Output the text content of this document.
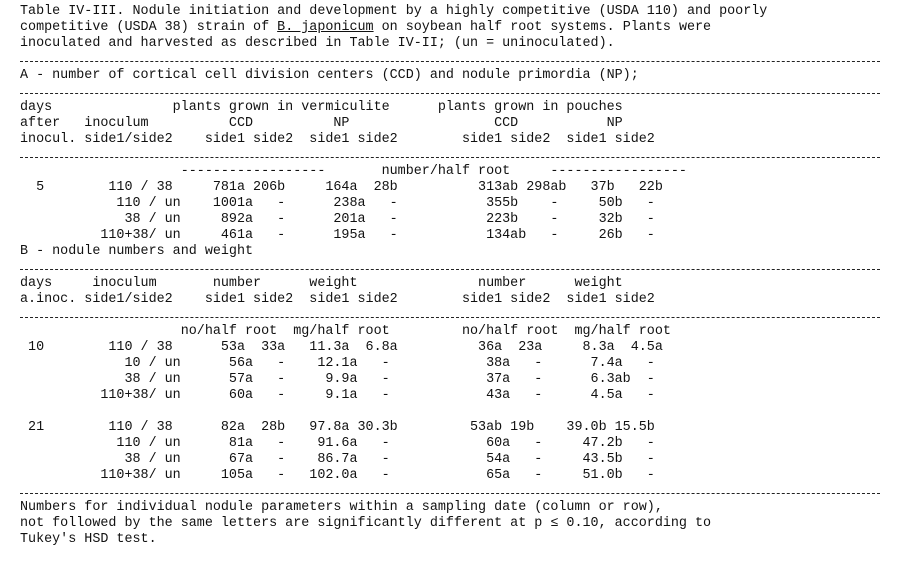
Table IV-III. Nodule initiation and development by a highly competitive (USDA 110) and poorly
competitive (USDA 38) strain of B. japonicum on soybean half root systems. Plants were
inoculated and harvested as described in Table IV-II; (un = uninoculated).
A - number of cortical cell division centers (CCD) and nodule primordia (NP);
days               plants grown in vermiculite      plants grown in pouches
after   inoculum          CCD          NP                  CCD           NP
inocul. side1/side2    side1 side2  side1 side2        side1 side2  side1 side2
------------------       number/half root     -----------------
5        110 / 38     781a 206b     164a  28b          313ab 298ab   37b   22b
110 / un    1001a   -      238a   -           355b    -     50b   -
38 / un     892a   -      201a   -           223b    -     32b   -
110+38/ un     461a   -      195a   -           134ab   -     26b   -
B - nodule numbers and weight
days     inoculum       number      weight               number      weight
a.inoc. side1/side2    side1 side2  side1 side2        side1 side2  side1 side2
no/half root  mg/half root         no/half root  mg/half root
10        110 / 38      53a  33a   11.3a  6.8a          36a  23a     8.3a  4.5a
10 / un      56a   -    12.1a   -            38a   -      7.4a   -
38 / un      57a   -     9.9a   -            37a   -      6.3ab  -
110+38/ un      60a   -     9.1a   -            43a   -      4.5a   -
21        110 / 38      82a  28b   97.8a 30.3b         53ab 19b    39.0b 15.5b
110 / un      81a   -    91.6a   -            60a   -     47.2b   -
38 / un      67a   -    86.7a   -            54a   -     43.5b   -
110+38/ un     105a   -   102.0a   -            65a   -     51.0b   -
Numbers for individual nodule parameters within a sampling date (column or row),
not followed by the same letters are significantly different at p ≤ 0.10, according to
Tukey's HSD test.
